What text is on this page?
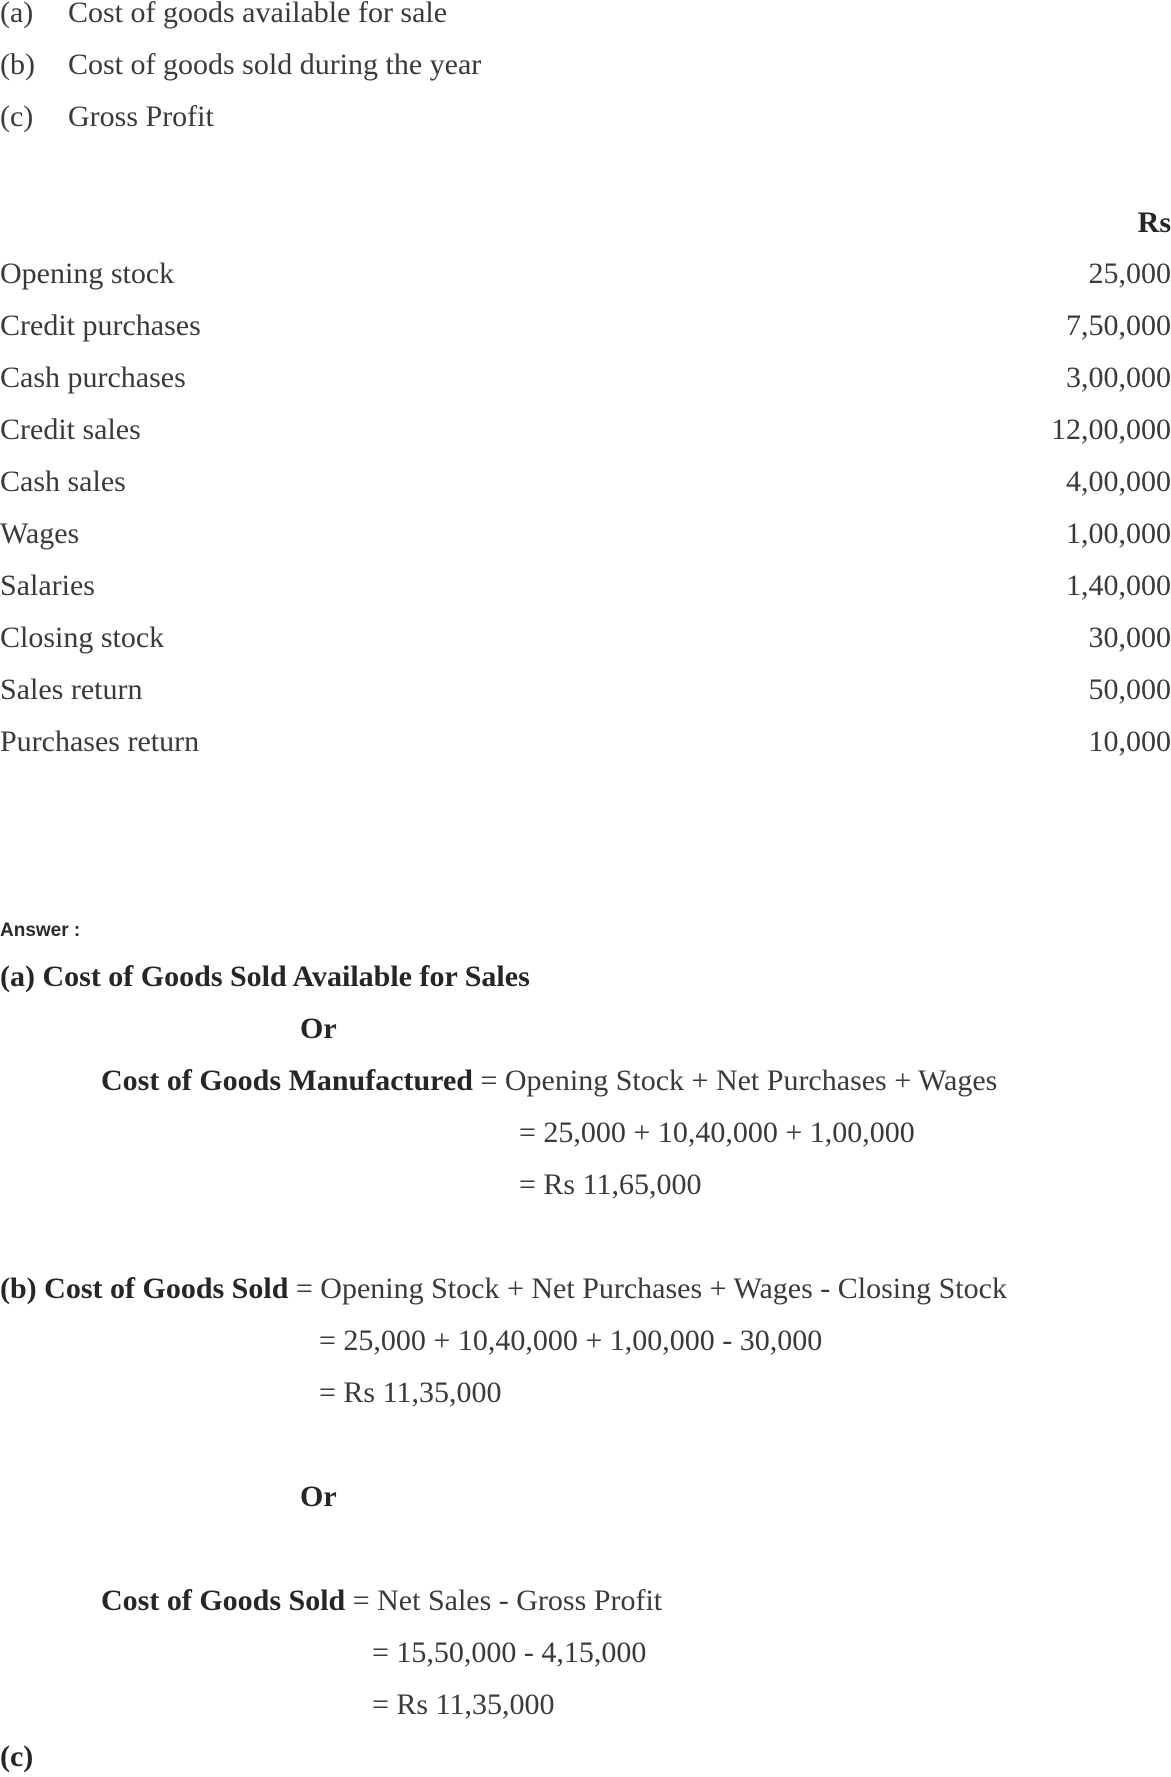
(a) Cost of goods available for sale
(b) Cost of goods sold during the year
(c) Gross Profit
Rs
Opening stock	25,000
Credit purchases	7,50,000
Cash purchases	3,00,000
Credit sales	12,00,000
Cash sales	4,00,000
Wages	1,00,000
Salaries	1,40,000
Closing stock	30,000
Sales return	50,000
Purchases return	10,000
Answer :
(a) Cost of Goods Sold Available for Sales
Or
Cost of Goods Manufactured = Opening Stock + Net Purchases + Wages
= 25,000 + 10,40,000 + 1,00,000
= Rs 11,65,000
(b) Cost of Goods Sold = Opening Stock + Net Purchases + Wages - Closing Stock
= 25,000 + 10,40,000 + 1,00,000 - 30,000
= Rs 11,35,000
Or
Cost of Goods Sold = Net Sales - Gross Profit
= 15,50,000 - 4,15,000
= Rs 11,35,000
(c)
